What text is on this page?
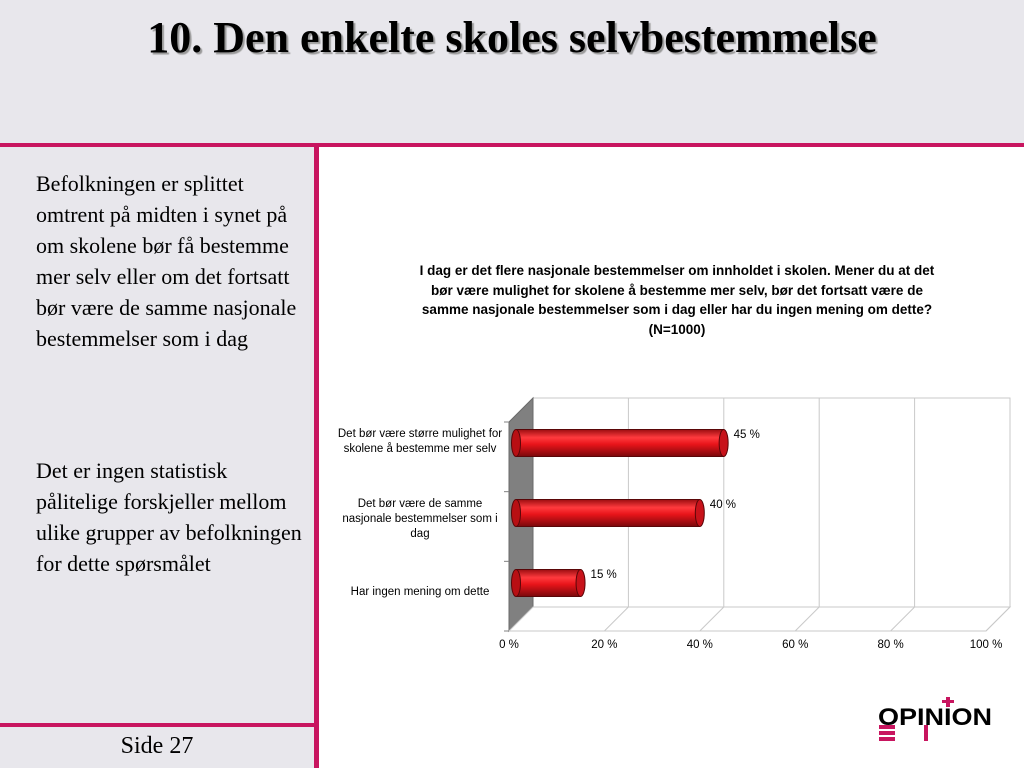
10. Den enkelte skoles selvbestemmelse
Befolkningen er splittet omtrent på midten i synet på om skolene bør få bestemme mer selv eller om det fortsatt bør være de samme nasjonale bestemmelser som i dag
Det er ingen statistisk pålitelige forskjeller mellom ulike grupper av befolkningen for dette spørsmålet
Side 27
I dag er det flere nasjonale bestemmelser om innholdet i skolen. Mener du at det bør være mulighet for skolene å bestemme mer selv, bør det fortsatt være de samme nasjonale bestemmelser som i dag eller har du ingen mening om dette? (N=1000)
45 %
40 %
15 %
0 %	20 %	40 %	60 %	80 %	100 %
Det bør være større mulighet for skolene å bestemme mer selv
Det bør være de samme nasjonale bestemmelser som i dag
Har ingen mening om dette
OPINION
